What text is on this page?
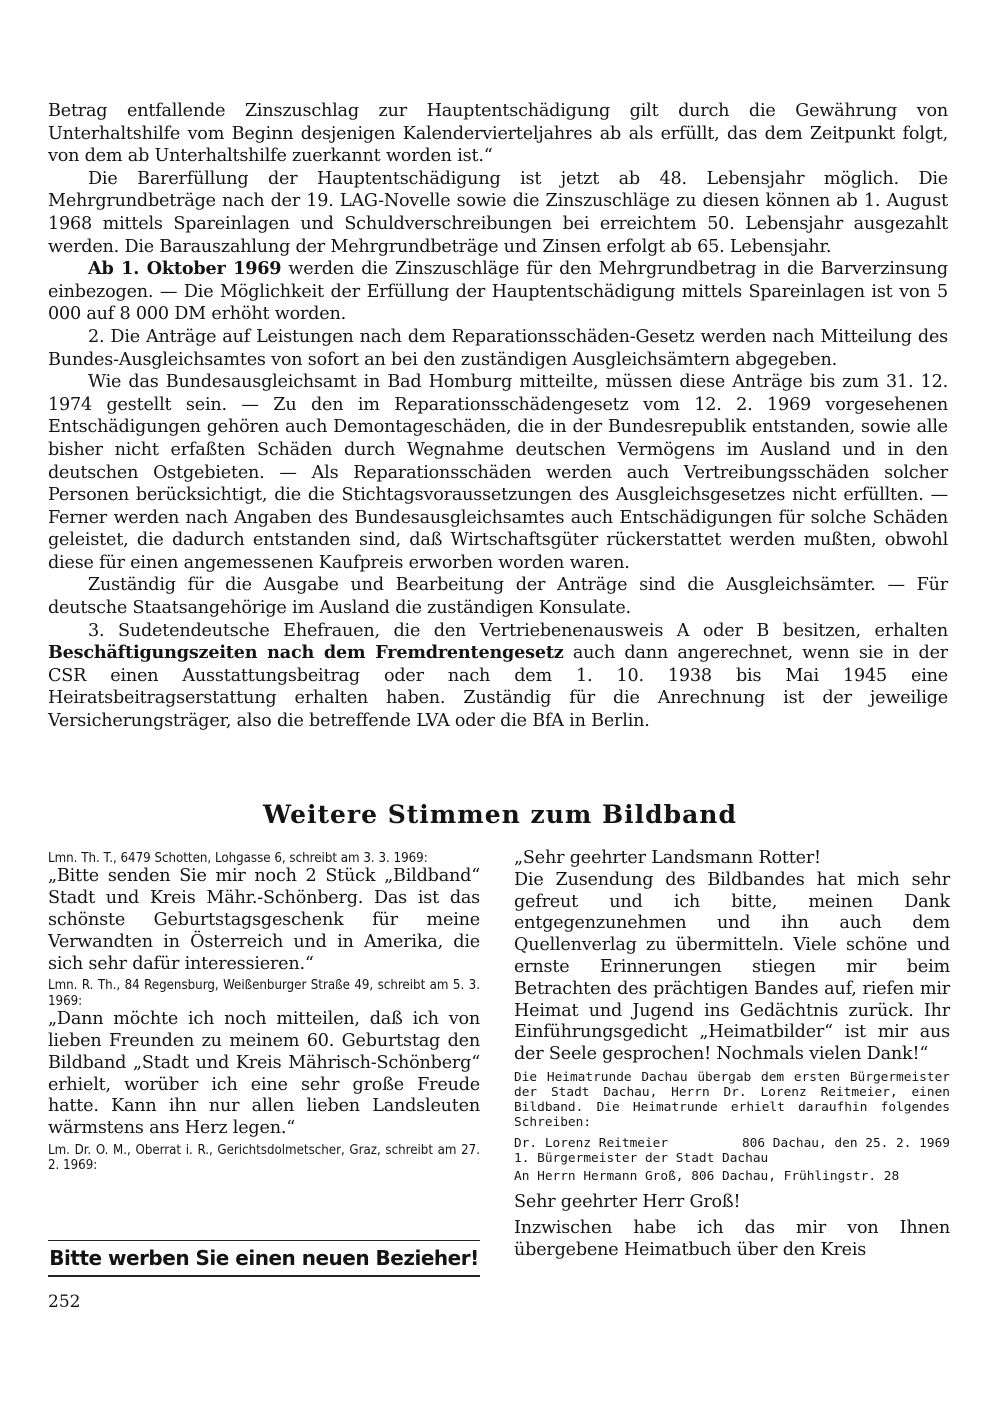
Betrag entfallende Zinszuschlag zur Hauptentschädigung gilt durch die Gewährung von Unterhaltshilfe vom Beginn desjenigen Kalendervierteljahres ab als erfüllt, das dem Zeitpunkt folgt, von dem ab Unterhaltshilfe zuerkannt worden ist.“

Die Barerfüllung der Hauptentschädigung ist jetzt ab 48. Lebensjahr möglich. Die Mehrgrundbeträge nach der 19. LAG-Novelle sowie die Zinszuschläge zu diesen können ab 1. August 1968 mittels Spareinlagen und Schuldverschreibungen bei erreichtem 50. Lebensjahr ausgezahlt werden. Die Barauszahlung der Mehrgrundbeträge und Zinsen erfolgt ab 65. Lebensjahr.

Ab 1. Oktober 1969 werden die Zinszuschläge für den Mehrgrundbetrag in die Barverzinsung einbezogen. — Die Möglichkeit der Erfüllung der Hauptentschädigung mittels Spareinlagen ist von 5 000 auf 8 000 DM erhöht worden.

2. Die Anträge auf Leistungen nach dem Reparationsschäden-Gesetz werden nach Mitteilung des Bundes-Ausgleichsamtes von sofort an bei den zuständigen Ausgleichsämtern abgegeben.

Wie das Bundesausgleichsamt in Bad Homburg mitteilte, müssen diese Anträge bis zum 31. 12. 1974 gestellt sein. — Zu den im Reparationsschädengesetz vom 12. 2. 1969 vorgesehenen Entschädigungen gehören auch Demontageschäden, die in der Bundesrepublik entstanden, sowie alle bisher nicht erfaßten Schäden durch Wegnahme deutschen Vermögens im Ausland und in den deutschen Ostgebieten. — Als Reparationsschäden werden auch Vertreibungsschäden solcher Personen berücksichtigt, die die Stichtagsvoraussetzungen des Ausgleichsgesetzes nicht erfüllten. — Ferner werden nach Angaben des Bundesausgleichsamtes auch Entschädigungen für solche Schäden geleistet, die dadurch entstanden sind, daß Wirtschaftsgüter rückerstattet werden mußten, obwohl diese für einen angemessenen Kaufpreis erworben worden waren.

Zuständig für die Ausgabe und Bearbeitung der Anträge sind die Ausgleichsämter. — Für deutsche Staatsangehörige im Ausland die zuständigen Konsulate.

3. Sudetendeutsche Ehefrauen, die den Vertriebenenausweis A oder B besitzen, erhalten Beschäftigungszeiten nach dem Fremdrentengesetz auch dann angerechnet, wenn sie in der CSR einen Ausstattungsbeitrag oder nach dem 1. 10. 1938 bis Mai 1945 eine Heiratsbeitragserstattung erhalten haben. Zuständig für die Anrechnung ist der jeweilige Versicherungsträger, also die betreffende LVA oder die BfA in Berlin.

Weitere Stimmen zum Bildband

Lmn. Th. T., 6479 Schotten, Lohgasse 6, schreibt am 3. 3. 1969:

„Bitte senden Sie mir noch 2 Stück „Bildband“ Stadt und Kreis Mähr.-Schönberg. Das ist das schönste Geburtstagsgeschenk für meine Verwandten in Österreich und in Amerika, die sich sehr dafür interessieren.“

Lmn. R. Th., 84 Regensburg, Weißenburger Straße 49, schreibt am 5. 3. 1969:

„Dann möchte ich noch mitteilen, daß ich von lieben Freunden zu meinem 60. Geburtstag den Bildband „Stadt und Kreis Mährisch-Schönberg“ erhielt, worüber ich eine sehr große Freude hatte. Kann ihn nur allen lieben Landsleuten wärmstens ans Herz legen.“

Lm. Dr. O. M., Oberrat i. R., Gerichtsdolmetscher, Graz, schreibt am 27. 2. 1969:

„Sehr geehrter Landsmann Rotter!

Die Zusendung des Bildbandes hat mich sehr gefreut und ich bitte, meinen Dank entgegenzunehmen und ihn auch dem Quellenverlag zu übermitteln. Viele schöne und ernste Erinnerungen stiegen mir beim Betrachten des prächtigen Bandes auf, riefen mir Heimat und Jugend ins Gedächtnis zurück. Ihr Einführungsgedicht „Heimatbilder“ ist mir aus der Seele gesprochen! Nochmals vielen Dank!“

Die Heimatrunde Dachau übergab dem ersten Bürgermeister der Stadt Dachau, Herrn Dr. Lorenz Reitmeier, einen Bildband. Die Heimatrunde erhielt daraufhin folgendes Schreiben:

Dr. Lorenz Reitmeier	806 Dachau, den 25. 2. 1969

1. Bürgermeister der Stadt Dachau

An Herrn Hermann Groß, 806 Dachau, Frühlingstr. 28

Sehr geehrter Herr Groß!

Inzwischen habe ich das mir von Ihnen übergebene Heimatbuch über den Kreis

Bitte werben Sie einen neuen Bezieher!
252
